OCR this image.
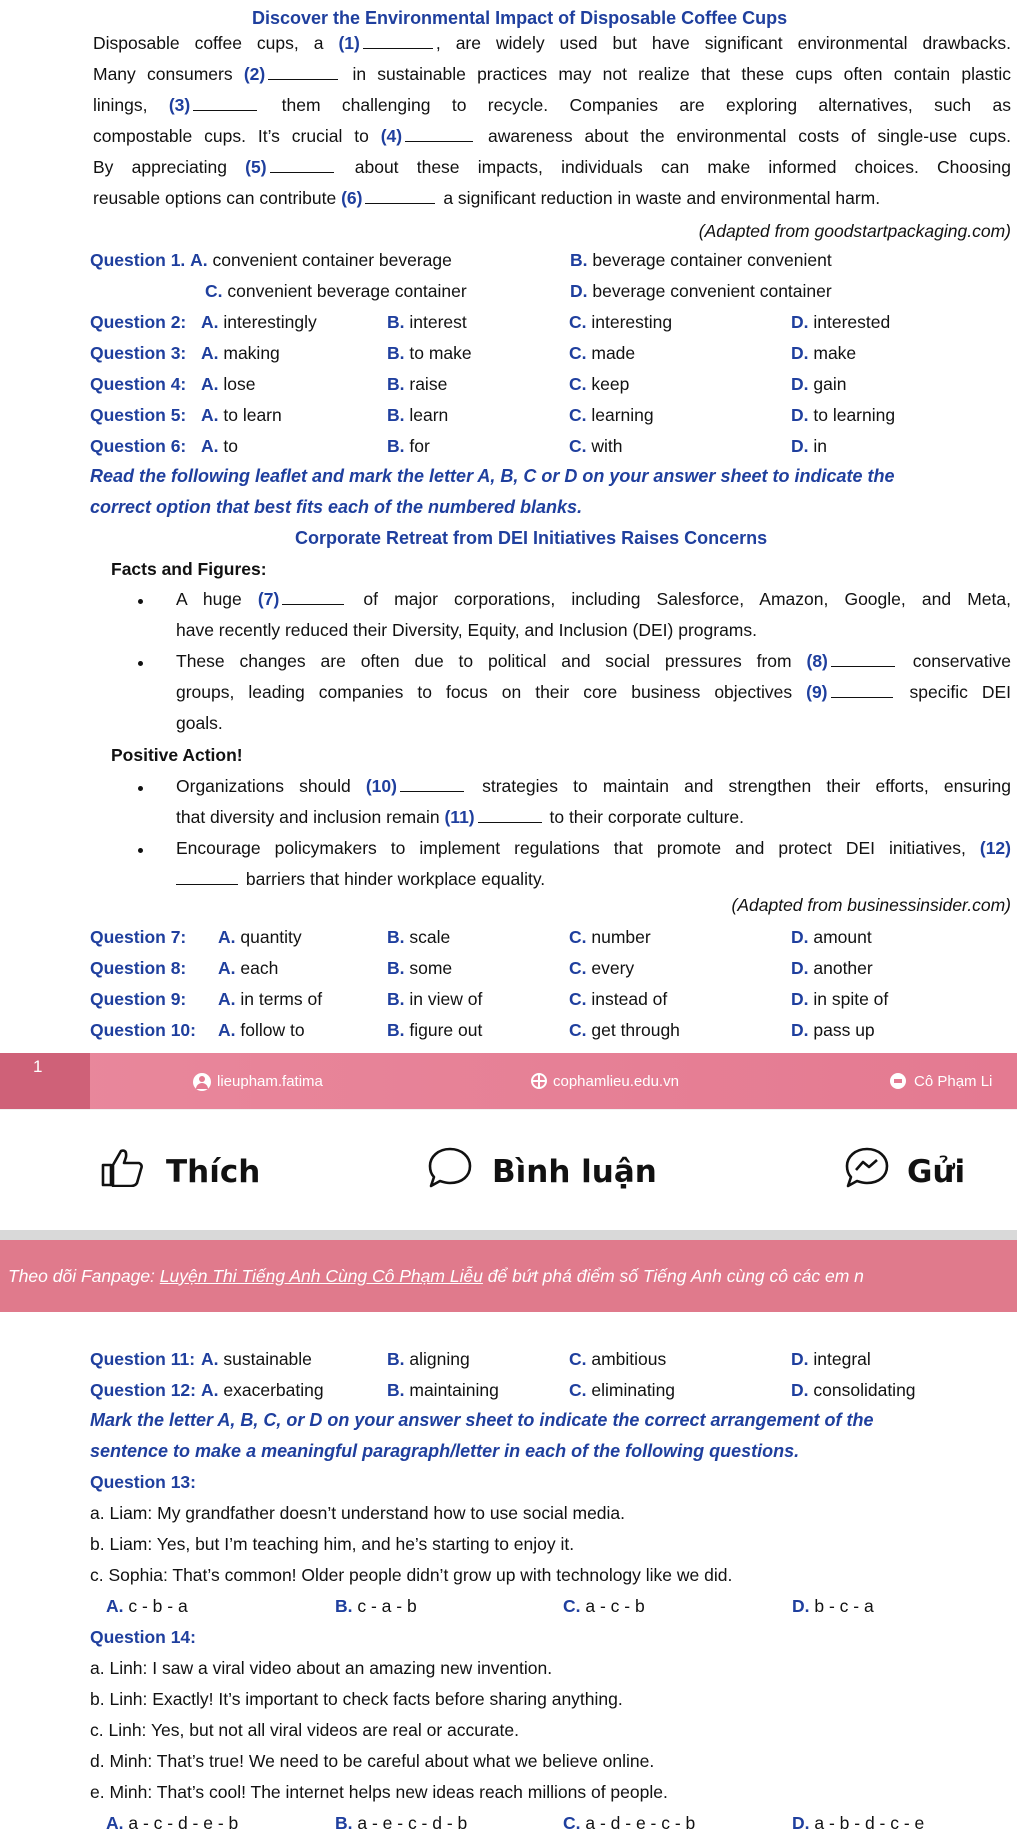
Discover the Environmental Impact of Disposable Coffee Cups
Disposable coffee cups, a (1)	, are widely used but have significant environmental drawbacks.
Many consumers (2)	in sustainable practices may not realize that these cups often contain plastic
linings, (3)	them challenging to recycle. Companies are exploring alternatives, such as
compostable cups. It’s crucial to (4)	awareness about the environmental costs of single-use cups.
By appreciating (5)	about these impacts, individuals can make informed choices. Choosing
reusable options can contribute (6)	a significant reduction in waste and environmental harm.
(Adapted from goodstartpackaging.com)
Question 1. A. convenient container beverage	B. beverage container convenient
C. convenient beverage container	D. beverage convenient container
Question 2: A. interestingly	B. interest	C. interesting	D. interested
Question 3: A. making	B. to make	C. made	D. make
Question 4: A. lose	B. raise	C. keep	D. gain
Question 5: A. to learn	B. learn	C. learning	D. to learning
Question 6: A. to	B. for	C. with	D. in
Read the following leaflet and mark the letter A, B, C or D on your answer sheet to indicate the
correct option that best fits each of the numbered blanks.
Corporate Retreat from DEI Initiatives Raises Concerns
Facts and Figures:
A huge (7)	of major corporations, including Salesforce, Amazon, Google, and Meta,
have recently reduced their Diversity, Equity, and Inclusion (DEI) programs.
These changes are often due to political and social pressures from (8)	conservative
groups, leading companies to focus on their core business objectives (9)	specific DEI
goals.
Positive Action!
Organizations should (10)	strategies to maintain and strengthen their efforts, ensuring
that diversity and inclusion remain (11)	to their corporate culture.
Encourage policymakers to implement regulations that promote and protect DEI initiatives, (12)
barriers that hinder workplace equality.
(Adapted from businessinsider.com)
Question 7: A. quantity	B. scale	C. number	D. amount
Question 8: A. each	B. some	C. every	D. another
Question 9: A. in terms of	B. in view of	C. instead of	D. in spite of
Question 10: A. follow to	B. figure out	C. get through	D. pass up
1
lieupham.fatima	cophamlieu.edu.vn	Cô Phạm Li
Thích	Bình luận	Gửi
Theo dõi Fanpage: Luyện Thi Tiếng Anh Cùng Cô Phạm Liễu để bứt phá điểm số Tiếng Anh cùng cô các em n
Question 11: A. sustainable	B. aligning	C. ambitious	D. integral
Question 12: A. exacerbating	B. maintaining	C. eliminating	D. consolidating
Mark the letter A, B, C, or D on your answer sheet to indicate the correct arrangement of the
sentence to make a meaningful paragraph/letter in each of the following questions.
Question 13:
a. Liam: My grandfather doesn’t understand how to use social media.
b. Liam: Yes, but I’m teaching him, and he’s starting to enjoy it.
c. Sophia: That’s common! Older people didn’t grow up with technology like we did.
A. c - b - a	B. c - a - b	C. a - c - b	D. b - c - a
Question 14:
a. Linh: I saw a viral video about an amazing new invention.
b. Linh: Exactly! It’s important to check facts before sharing anything.
c. Linh: Yes, but not all viral videos are real or accurate.
d. Minh: That’s true! We need to be careful about what we believe online.
e. Minh: That’s cool! The internet helps new ideas reach millions of people.
A. a - c - d - e - b	B. a - e - c - d - b	C. a - d - e - c - b	D. a - b - d - c - e
